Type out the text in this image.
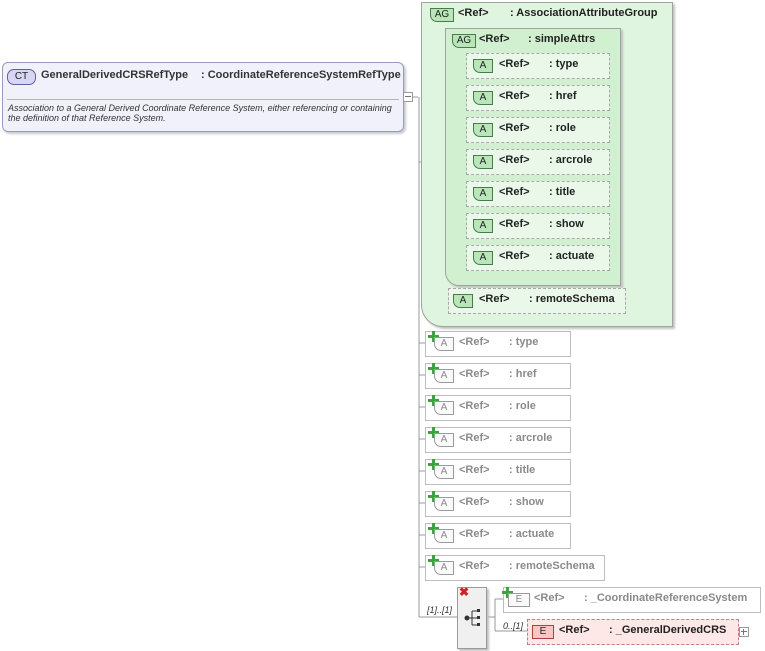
CT	GeneralDerivedCRSRefType : CoordinateReferenceSystemRefType
Association to a General Derived Coordinate Reference System, either referencing or containing the definition of that Reference System.
AG <Ref> : AssociationAttributeGroup
AG <Ref> : simpleAttrs
A	<Ref> : type
A	<Ref> : href
A	<Ref> : role
A	<Ref> : arcrole
A	<Ref> : title
A	<Ref> : show
A	<Ref> : actuate
A	<Ref> : remoteSchema
A	<Ref> : type
A	<Ref> : href
A	<Ref> : role
A	<Ref> : arcrole
A	<Ref> : title
A	<Ref> : show
A	<Ref> : actuate
A	<Ref> : remoteSchema
[1]..[1]
✖
E	<Ref> : _CoordinateReferenceSystem
0..[1]	E	<Ref> : _GeneralDerivedCRS
